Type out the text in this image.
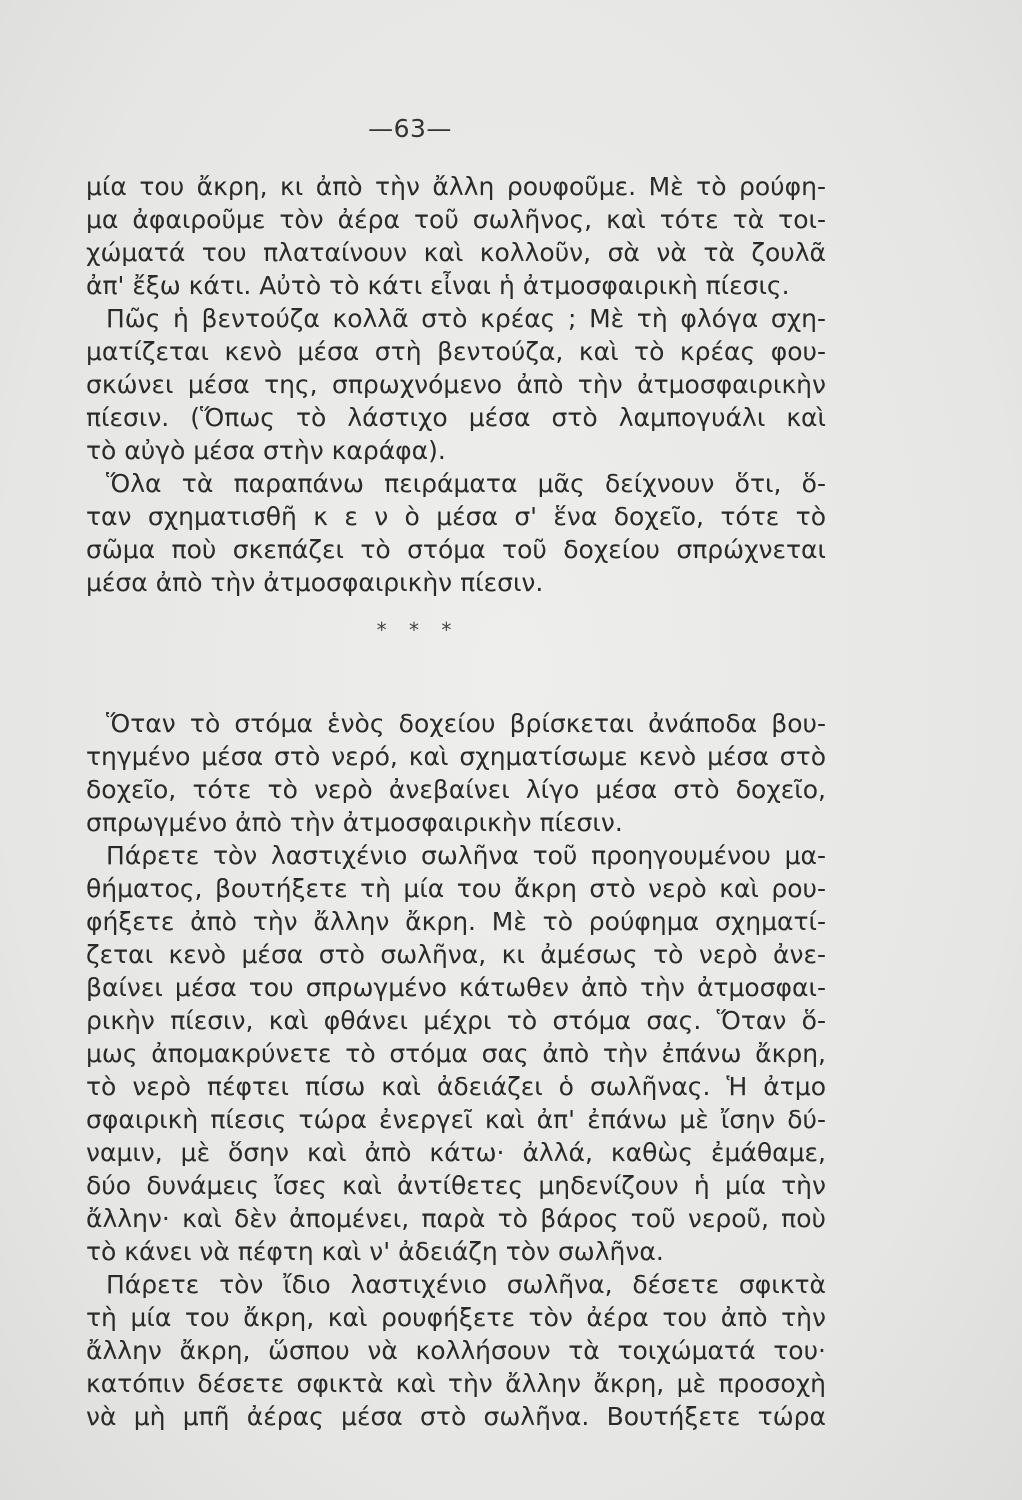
—63—

μία του ἄκρη, κι ἀπὸ τὴν ἄλλη ρουφοῦμε. Μὲ τὸ ρούφη-
μα ἀφαιροῦμε τὸν ἀέρα τοῦ σωλῆνος, καὶ τότε τὰ τοι-
χώματά του πλαταίνουν καὶ κολλοῦν, σὰ νὰ τὰ ζουλᾶ
ἀπ' ἔξω κάτι. Αὐτὸ τὸ κάτι εἶναι ἡ ἀτμοσφαιρικὴ πίεσις.

Πῶς ἡ βεντούζα κολλᾶ στὸ κρέας ; Μὲ τὴ φλόγα σχη-
ματίζεται κενὸ μέσα στὴ βεντούζα, καὶ τὸ κρέας φου-
σκώνει μέσα της, σπρωχνόμενο ἀπὸ τὴν ἀτμοσφαιρικὴν
πίεσιν. (Ὅπως τὸ λάστιχο μέσα στὸ λαμπογυάλι καὶ
τὸ αὐγὸ μέσα στὴν καράφα).

Ὅλα τὰ παραπάνω πειράματα μᾶς δείχνουν ὅτι, ὅ-
ταν σχηματισθῆ κ ε ν ὸ μέσα σ' ἕνα δοχεῖο, τότε τὸ
σῶμα ποὺ σκεπάζει τὸ στόμα τοῦ δοχείου σπρώχνεται
μέσα ἀπὸ τὴν ἀτμοσφαιρικὴν πίεσιν.

* * *

Ὅταν τὸ στόμα ἑνὸς δοχείου βρίσκεται ἀνάποδα βου-
τηγμένο μέσα στὸ νερό, καὶ σχηματίσωμε κενὸ μέσα στὸ
δοχεῖο, τότε τὸ νερὸ ἀνεβαίνει λίγο μέσα στὸ δοχεῖο,
σπρωγμένο ἀπὸ τὴν ἀτμοσφαιρικὴν πίεσιν.

Πάρετε τὸν λαστιχένιο σωλῆνα τοῦ προηγουμένου μα-
θήματος, βουτήξετε τὴ μία του ἄκρη στὸ νερὸ καὶ ρου-
φήξετε ἀπὸ τὴν ἄλλην ἄκρη. Μὲ τὸ ρούφημα σχηματί-
ζεται κενὸ μέσα στὸ σωλῆνα, κι ἀμέσως τὸ νερὸ ἀνε-
βαίνει μέσα του σπρωγμένο κάτωθεν ἀπὸ τὴν ἀτμοσφαι-
ρικὴν πίεσιν, καὶ φθάνει μέχρι τὸ στόμα σας. Ὅταν ὅ-
μως ἀπομακρύνετε τὸ στόμα σας ἀπὸ τὴν ἐπάνω ἄκρη,
τὸ νερὸ πέφτει πίσω καὶ ἀδειάζει ὁ σωλῆνας. Ἡ ἀτμο
σφαιρικὴ πίεσις τώρα ἐνεργεῖ καὶ ἀπ' ἐπάνω μὲ ἴσην δύ-
ναμιν, μὲ ὅσην καὶ ἀπὸ κάτω· ἀλλά, καθὼς ἐμάθαμε,
δύο δυνάμεις ἴσες καὶ ἀντίθετες μηδενίζουν ἡ μία τὴν
ἄλλην· καὶ δὲν ἀπομένει, παρὰ τὸ βάρος τοῦ νεροῦ, ποὺ
τὸ κάνει νὰ πέφτη καὶ ν' ἀδειάζη τὸν σωλῆνα.

Πάρετε τὸν ἴδιο λαστιχένιο σωλῆνα, δέσετε σφικτὰ
τὴ μία του ἄκρη, καὶ ρουφήξετε τὸν ἀέρα του ἀπὸ τὴν
ἄλλην ἄκρη, ὥσπου νὰ κολλήσουν τὰ τοιχώματά του·
κατόπιν δέσετε σφικτὰ καὶ τὴν ἄλλην ἄκρη, μὲ προσοχὴ
νὰ μὴ μπῆ ἀέρας μέσα στὸ σωλῆνα. Βουτήξετε τώρα
